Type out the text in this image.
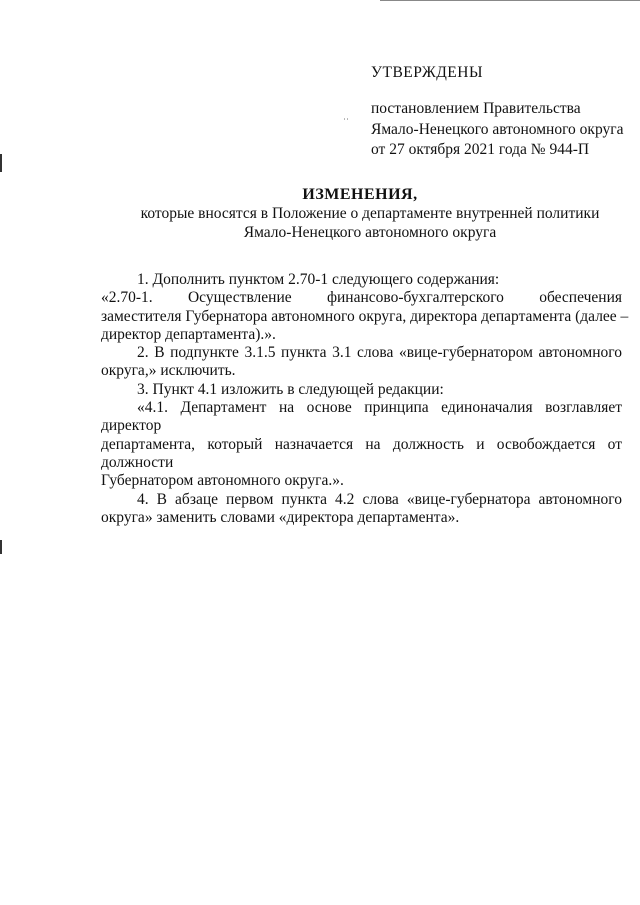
˙˙
УТВЕРЖДЕНЫ
постановлением Правительства
Ямало-Ненецкого автономного округа
от 27 октября 2021 года № 944-П
ИЗМЕНЕНИЯ,
которые вносятся в Положение о департаменте внутренней политики
Ямало-Ненецкого автономного округа

1. Дополнить пунктом 2.70-1 следующего содержания:

«2.70-1. Осуществление финансово-бухгалтерского обеспечения

заместителя Губернатора автономного округа, директора департамента (далее –
директор департамента).».

2. В подпункте 3.1.5 пункта 3.1 слова «вице-губернатором автономного

округа,» исключить.

3. Пункт 4.1 изложить в следующей редакции:

«4.1. Департамент на основе принципа единоначалия возглавляет директор

департамента, который назначается на должность и освобождается от должности
Губернатором автономного округа.».

4. В абзаце первом пункта 4.2 слова «вице-губернатора автономного

округа» заменить словами «директора департамента».
